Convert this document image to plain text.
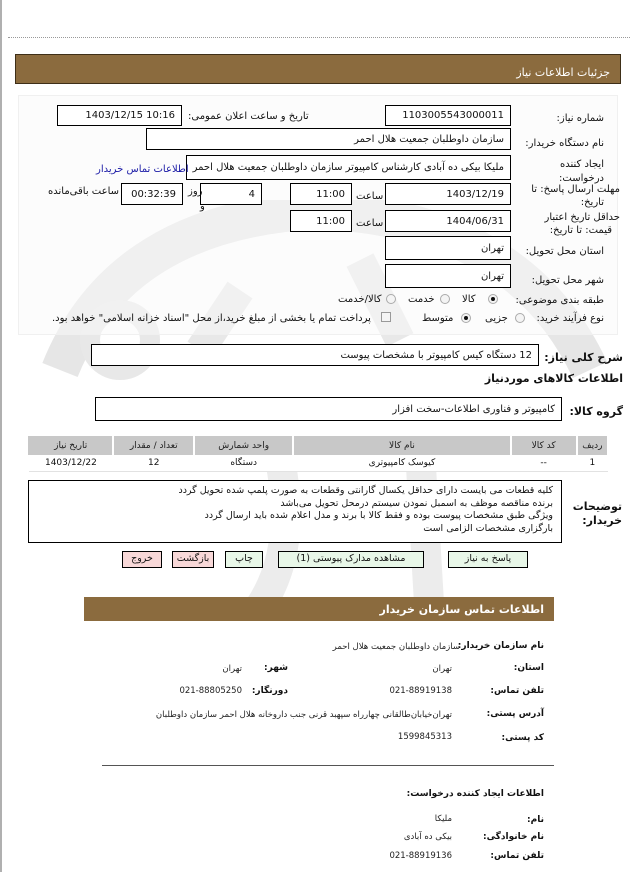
جزئیات اطلاعات نیاز
شماره نیاز:
1103005543000011
تاریخ و ساعت اعلان عمومی:
1403/12/15 10:16
نام دستگاه خریدار:
سازمان داوطلبان جمعیت هلال احمر
ایجاد کننده
درخواست:
ملیکا بیکی ده آبادی کارشناس کامپیوتر سازمان داوطلبان جمعیت هلال احمر
اطلاعات تماس خریدار
مهلت ارسال پاسخ: تا
تاریخ:
1403/12/19
ساعت
11:00
4
روز
و
00:32:39
ساعت باقی‌مانده
حداقل تاریخ اعتبار
قیمت: تا تاریخ:
1404/06/31
ساعت
11:00
استان محل تحویل:
تهران
شهر محل تحویل:
تهران
طبقه بندی موضوعی:
کالا
خدمت
کالا/خدمت
نوع فرآیند خرید:
جزیی
متوسط
پرداخت تمام یا بخشی از مبلغ خرید،از محل "اسناد خزانه اسلامی" خواهد بود.
شرح کلی نیاز:
12 دستگاه کیس کامپیوتر با مشخصات پیوست
اطلاعات کالاهای موردنیاز
گروه کالا:
کامپیوتر و فناوری اطلاعات-سخت افزار
ردیف	کد کالا	نام کالا	واحد شمارش	تعداد / مقدار	تاریخ نیاز
1	--	کیوسک کامپیوتری	دستگاه	12	1403/12/22
توضیحات
خریدار:
کلیه قطعات می بایست دارای حداقل یکسال گارانتی وقطعات به صورت پلمپ شده تحویل گردد
برنده مناقصه موظف به اسمبل نمودن سیستم درمحل تحویل می‌باشد
ویژگی طبق مشخصات پیوست بوده و فقط کالا با برند و مدل اعلام شده باید ارسال گردد
بارگزاری مشخصات الزامی است
پاسخ به نیاز
مشاهده مدارک پیوستی (1)
چاپ
بازگشت
خروج
اطلاعات تماس سازمان خریدار
نام سازمان خریدار:
سازمان داوطلبان جمعیت هلال احمر
استان:
تهران
شهر:
تهران
تلفن تماس:
021-88919138
دورنگار:
021-88805250
آدرس پستی:
تهران‌خیابان‌طالقانی چهارراه سپهبد قرنی جنب داروخانه هلال احمر سازمان داوطلبان
کد پستی:
1599845313
اطلاعات ایجاد کننده درخواست:
نام:
ملیکا
نام خانوادگی:
بیکی ده آبادی
تلفن تماس:
021-88919136
